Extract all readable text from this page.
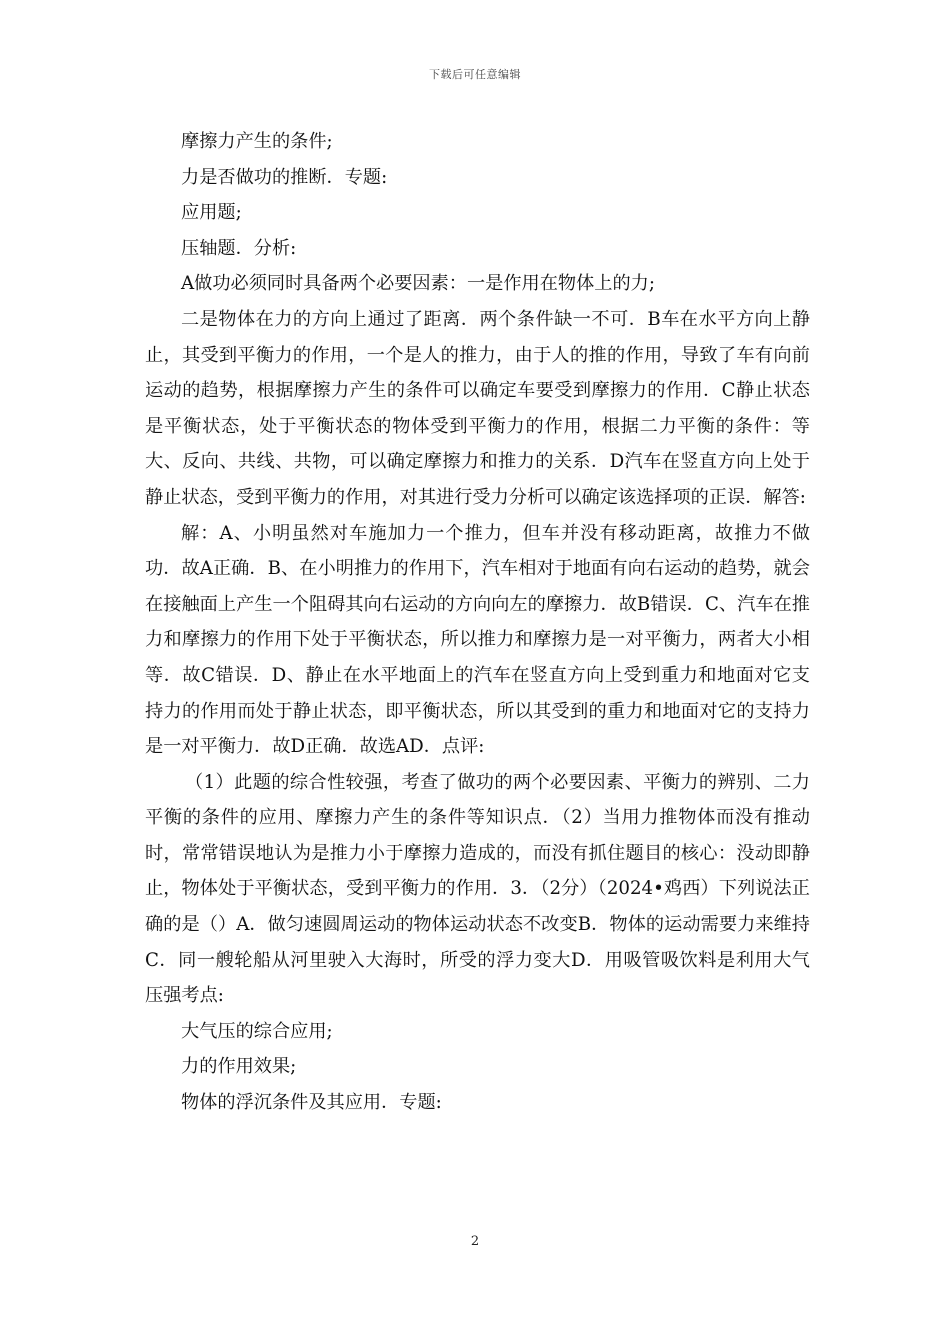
下载后可任意编辑

摩擦力产生的条件;

力是否做功的推断．专题:

应用题;

压轴题．分析:

A做功必须同时具备两个必要因素：一是作用在物体上的力;

二是物体在力的方向上通过了距离．两个条件缺一不可．B车在水平方向上静止，其受到平衡力的作用，一个是人的推力，由于人的推的作用，导致了车有向前运动的趋势，根据摩擦力产生的条件可以确定车要受到摩擦力的作用．C静止状态是平衡状态，处于平衡状态的物体受到平衡力的作用，根据二力平衡的条件：等大、反向、共线、共物，可以确定摩擦力和推力的关系．D汽车在竖直方向上处于静止状态，受到平衡力的作用，对其进行受力分析可以确定该选择项的正误．解答:

解：A、小明虽然对车施加力一个推力，但车并没有移动距离，故推力不做功．故A正确．B、在小明推力的作用下，汽车相对于地面有向右运动的趋势，就会在接触面上产生一个阻碍其向右运动的方向向左的摩擦力．故B错误．C、汽车在推力和摩擦力的作用下处于平衡状态，所以推力和摩擦力是一对平衡力，两者大小相等．故C错误．D、静止在水平地面上的汽车在竖直方向上受到重力和地面对它支持力的作用而处于静止状态，即平衡状态，所以其受到的重力和地面对它的支持力是一对平衡力．故D正确．故选AD．点评:

（1）此题的综合性较强，考查了做功的两个必要因素、平衡力的辨别、二力平衡的条件的应用、摩擦力产生的条件等知识点．（2）当用力推物体而没有推动时，常常错误地认为是推力小于摩擦力造成的，而没有抓住题目的核心：没动即静止，物体处于平衡状态，受到平衡力的作用．3．（2分）（2024•鸡西）下列说法正确的是（）A．做匀速圆周运动的物体运动状态不改变B．物体的运动需要力来维持C．同一艘轮船从河里驶入大海时，所受的浮力变大D．用吸管吸饮料是利用大气压强考点:

大气压的综合应用;

力的作用效果;

物体的浮沉条件及其应用．专题:

2
